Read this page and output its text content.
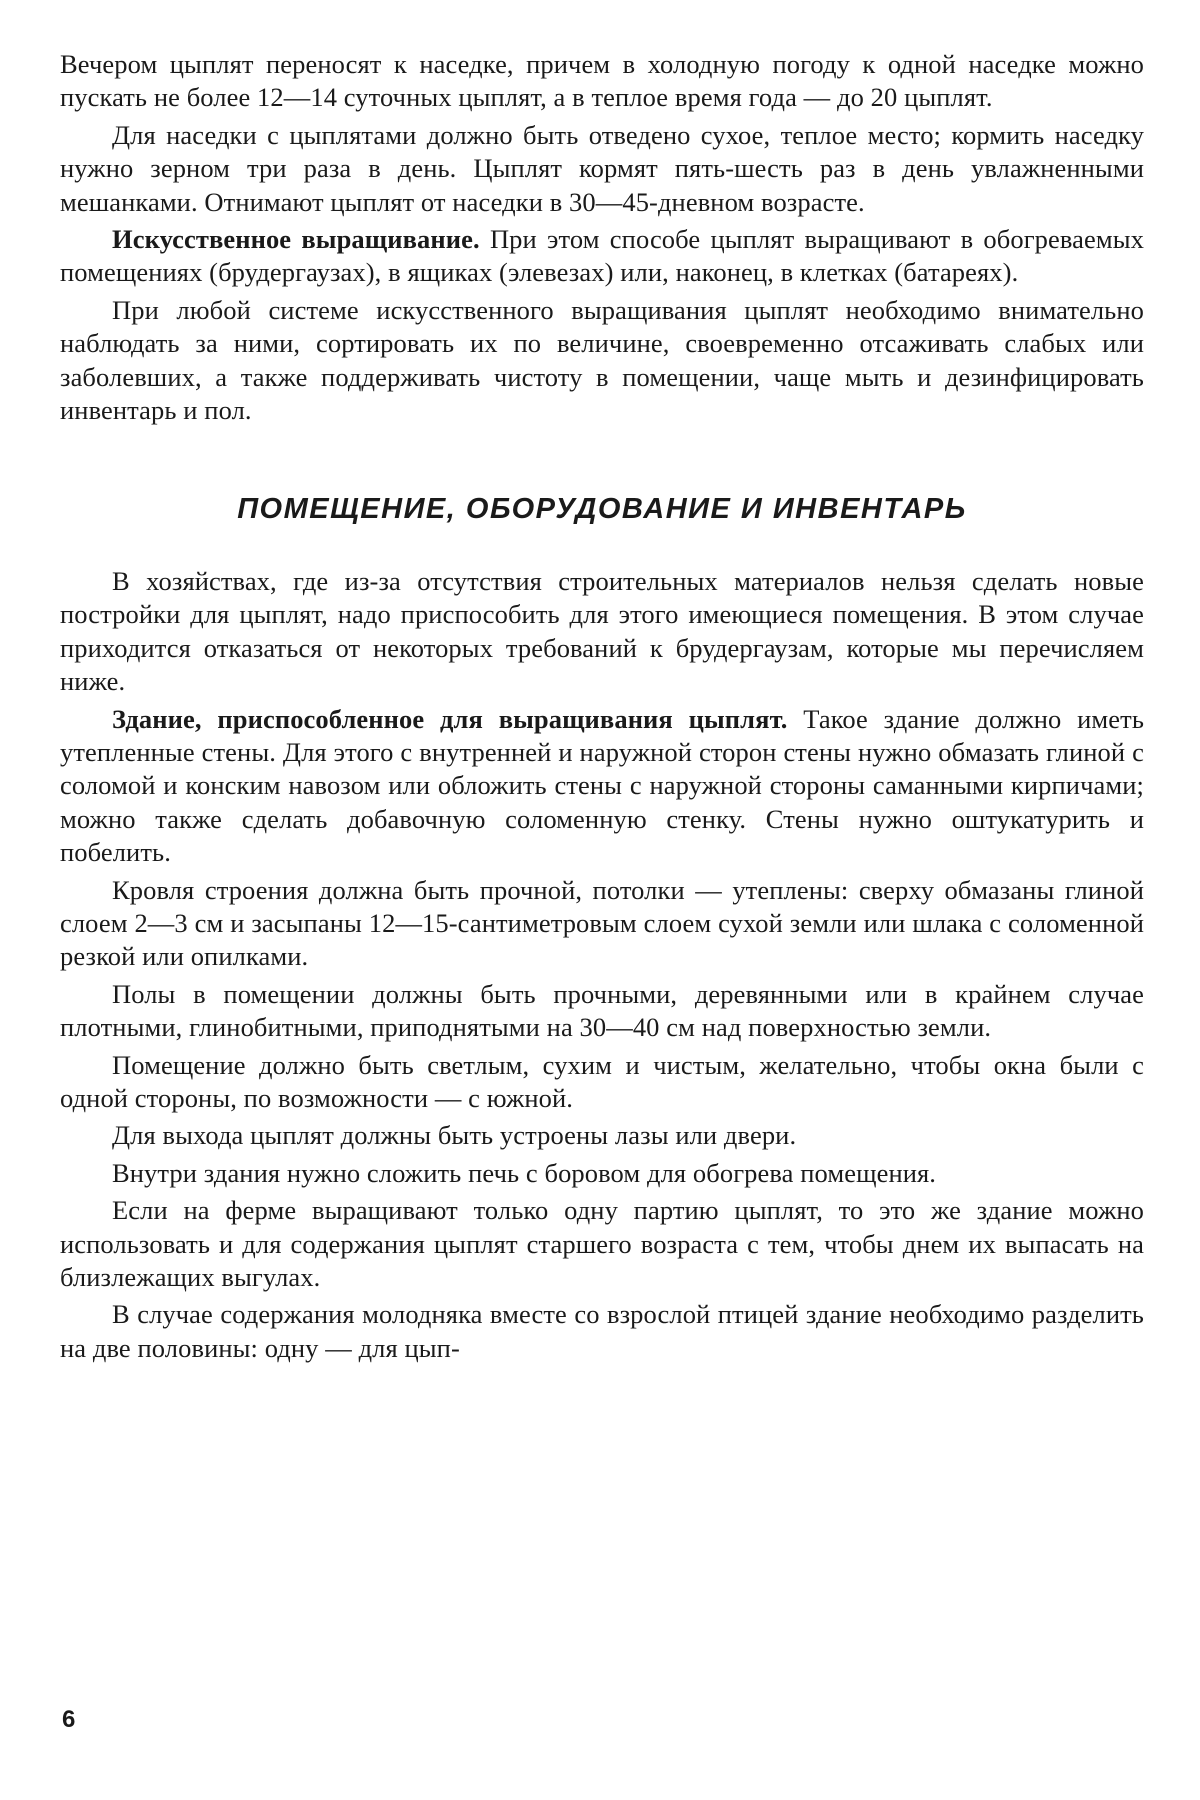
Вечером цыплят переносят к наседке, причем в холодную погоду к одной наседке можно пускать не более 12—14 суточных цыплят, а в теплое время года — до 20 цыплят.

Для наседки с цыплятами должно быть отведено сухое, теплое место; кормить наседку нужно зерном три раза в день. Цыплят кормят пять-шесть раз в день увлажненными мешанками. Отнимают цыплят от наседки в 30—45-дневном возрасте.

Искусственное выращивание. При этом способе цыплят выращивают в обогреваемых помещениях (брудергаузах), в ящиках (элевезах) или, наконец, в клетках (батареях).

При любой системе искусственного выращивания цыплят необходимо внимательно наблюдать за ними, сортировать их по величине, своевременно отсаживать слабых или заболевших, а также поддерживать чистоту в помещении, чаще мыть и дезинфицировать инвентарь и пол.

ПОМЕЩЕНИЕ, ОБОРУДОВАНИЕ И ИНВЕНТАРЬ

В хозяйствах, где из-за отсутствия строительных материалов нельзя сделать новые постройки для цыплят, надо приспособить для этого имеющиеся помещения. В этом случае приходится отказаться от некоторых требований к брудергаузам, которые мы перечисляем ниже.

Здание, приспособленное для выращивания цыплят. Такое здание должно иметь утепленные стены. Для этого с внутренней и наружной сторон стены нужно обмазать глиной с соломой и конским навозом или обложить стены с наружной стороны саманными кирпичами; можно также сделать добавочную соломенную стенку. Стены нужно оштукатурить и побелить.

Кровля строения должна быть прочной, потолки — утеплены: сверху обмазаны глиной слоем 2—3 см и засыпаны 12—15-сантиметровым слоем сухой земли или шлака с соломенной резкой или опилками.

Полы в помещении должны быть прочными, деревянными или в крайнем случае плотными, глинобитными, приподнятыми на 30—40 см над поверхностью земли.

Помещение должно быть светлым, сухим и чистым, желательно, чтобы окна были с одной стороны, по возможности — с южной.

Для выхода цыплят должны быть устроены лазы или двери.

Внутри здания нужно сложить печь с боровом для обогрева помещения.

Если на ферме выращивают только одну партию цыплят, то это же здание можно использовать и для содержания цыплят старшего возраста с тем, чтобы днем их выпасать на близлежащих выгулах.

В случае содержания молодняка вместе со взрослой птицей здание необходимо разделить на две половины: одну — для цып-

6
